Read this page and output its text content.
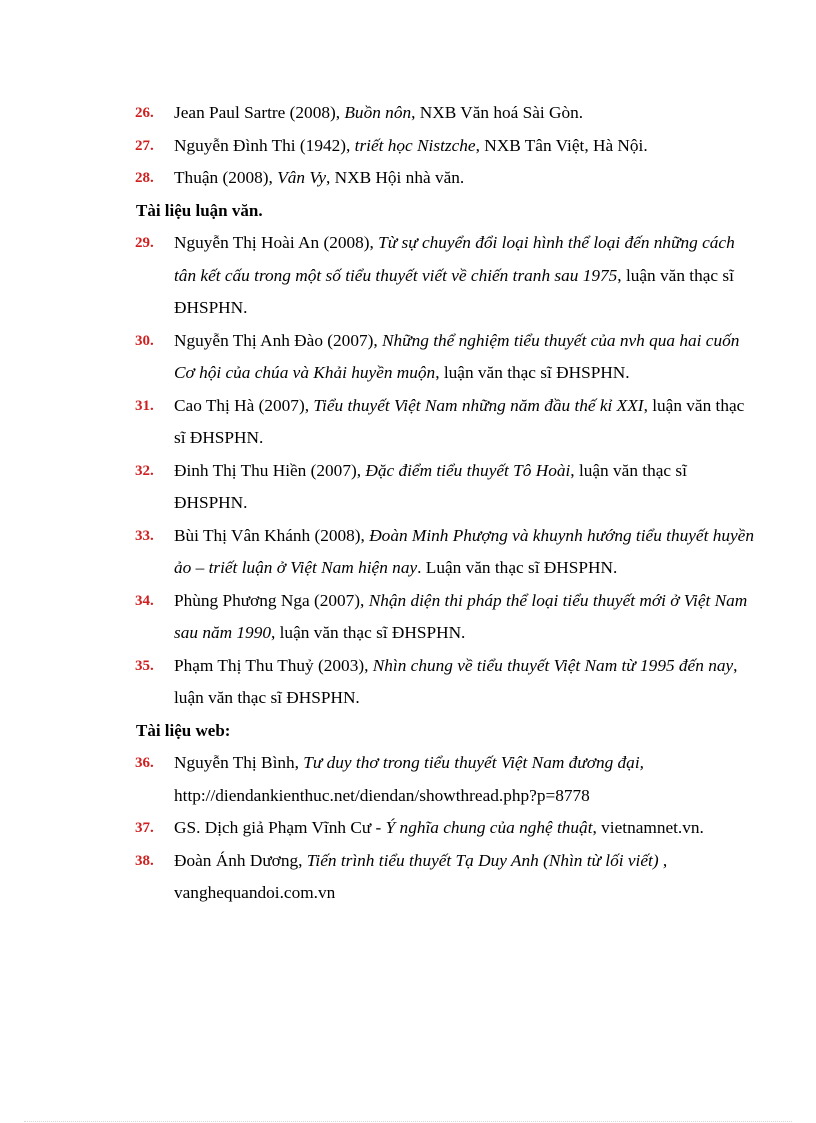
26.	Jean Paul Sartre (2008), Buồn nôn, NXB Văn hoá Sài Gòn.
27.	Nguyễn Đình Thi (1942), triết học Nistzche, NXB Tân Việt, Hà Nội.
28.	Thuận (2008), Vân Vy, NXB Hội nhà văn.
Tài liệu luận văn.
29.	Nguyễn Thị Hoài An (2008), Từ sự chuyển đổi loại hình thể loại đến những cách tân kết cấu trong một số tiểu thuyết viết về chiến tranh sau 1975, luận văn thạc sĩ ĐHSPHN.
30.	Nguyễn Thị Anh Đào (2007), Những thể nghiệm tiểu thuyết của nvh qua hai cuốn Cơ hội của chúa và Khải huyền muộn, luận văn thạc sĩ ĐHSPHN.
31.	Cao Thị Hà (2007), Tiểu thuyết Việt Nam những năm đầu thế kỉ XXI, luận văn thạc sĩ ĐHSPHN.
32.	Đinh Thị Thu Hiền (2007), Đặc điểm tiểu thuyết Tô Hoài, luận văn thạc sĩ ĐHSPHN.
33.	Bùi Thị Vân Khánh (2008), Đoàn Minh Phượng và khuynh hướng tiểu thuyết huyền ảo – triết luận ở Việt Nam hiện nay. Luận văn thạc sĩ ĐHSPHN.
34.	Phùng Phương Nga (2007), Nhận diện thi pháp thể loại tiểu thuyết mới ở Việt Nam sau năm 1990, luận văn thạc sĩ ĐHSPHN.
35.	Phạm Thị Thu Thuỷ (2003), Nhìn chung về tiểu thuyết Việt Nam từ 1995 đến nay, luận văn thạc sĩ ĐHSPHN.
Tài liệu web:
36.	Nguyễn Thị Bình, Tư duy thơ trong tiểu thuyết Việt Nam đương đại, http://diendankienthuc.net/diendan/showthread.php?p=8778
37.	GS. Dịch giả Phạm Vĩnh Cư - Ý nghĩa chung của nghệ thuật, vietnamnet.vn.
38.	Đoàn Ánh Dương, Tiến trình tiểu thuyết Tạ Duy Anh (Nhìn từ lối viết) , vanghequandoi.com.vn
